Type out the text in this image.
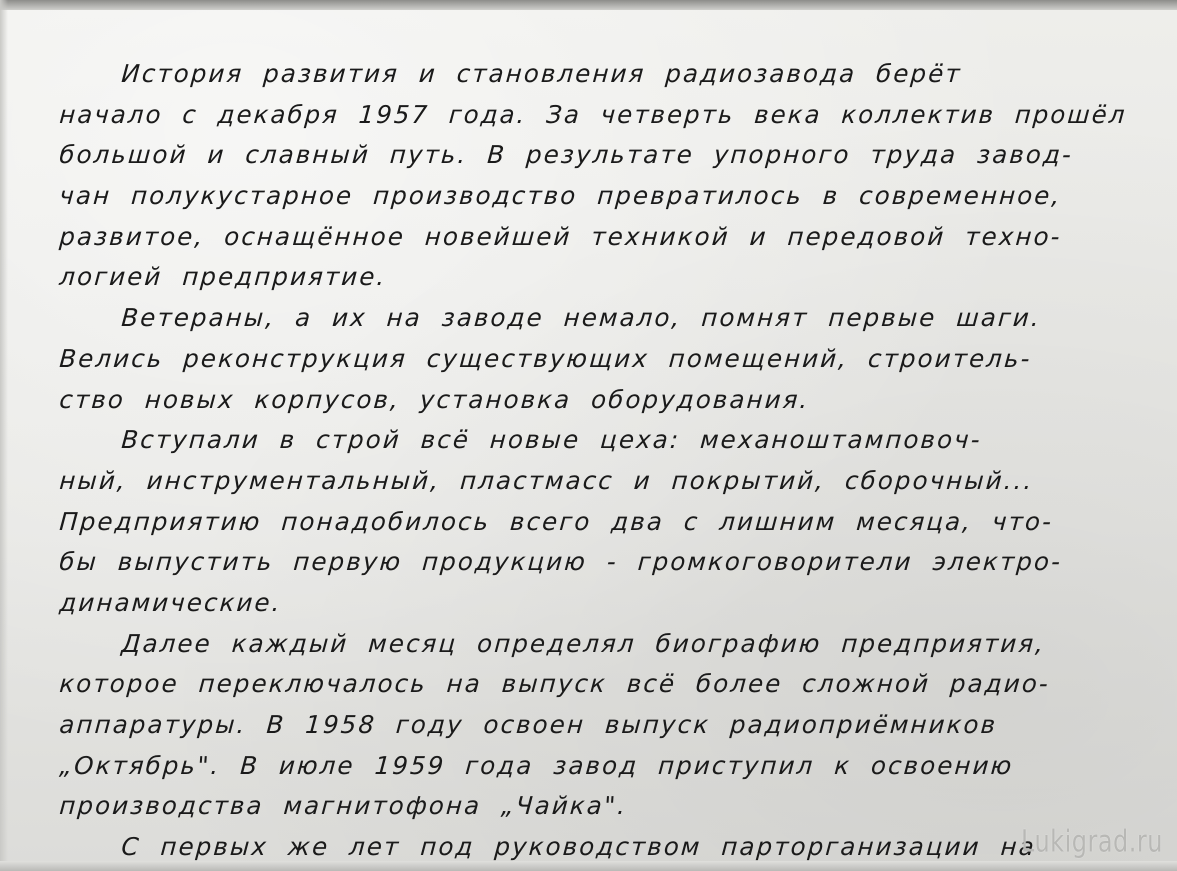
История развития и становления радиозавода берёт
начало с декабря 1957 года. За четверть века коллектив прошёл
большой и славный путь. В результате упорного труда завод-
чан полукустарное производство превратилось в современное,
развитое, оснащённое новейшей техникой и передовой техно-
логией предприятие.
Ветераны, а их на заводе немало, помнят первые шаги.
Велись реконструкция существующих помещений, строитель-
ство новых корпусов, установка оборудования.
Вступали в строй всё новые цеха: механоштамповоч-
ный, инструментальный, пластмасс и покрытий, сборочный...
Предприятию понадобилось всего два с лишним месяца, что-
бы выпустить первую продукцию - громкоговорители электро-
динамические.
Далее каждый месяц определял биографию предприятия,
которое переключалось на выпуск всё более сложной радио-
аппаратуры. В 1958 году освоен выпуск радиоприёмников
„Октябрь". В июле 1959 года завод приступил к освоению
производства магнитофона „Чайка".
С первых же лет под руководством парторганизации на
Lukigrad.ru
